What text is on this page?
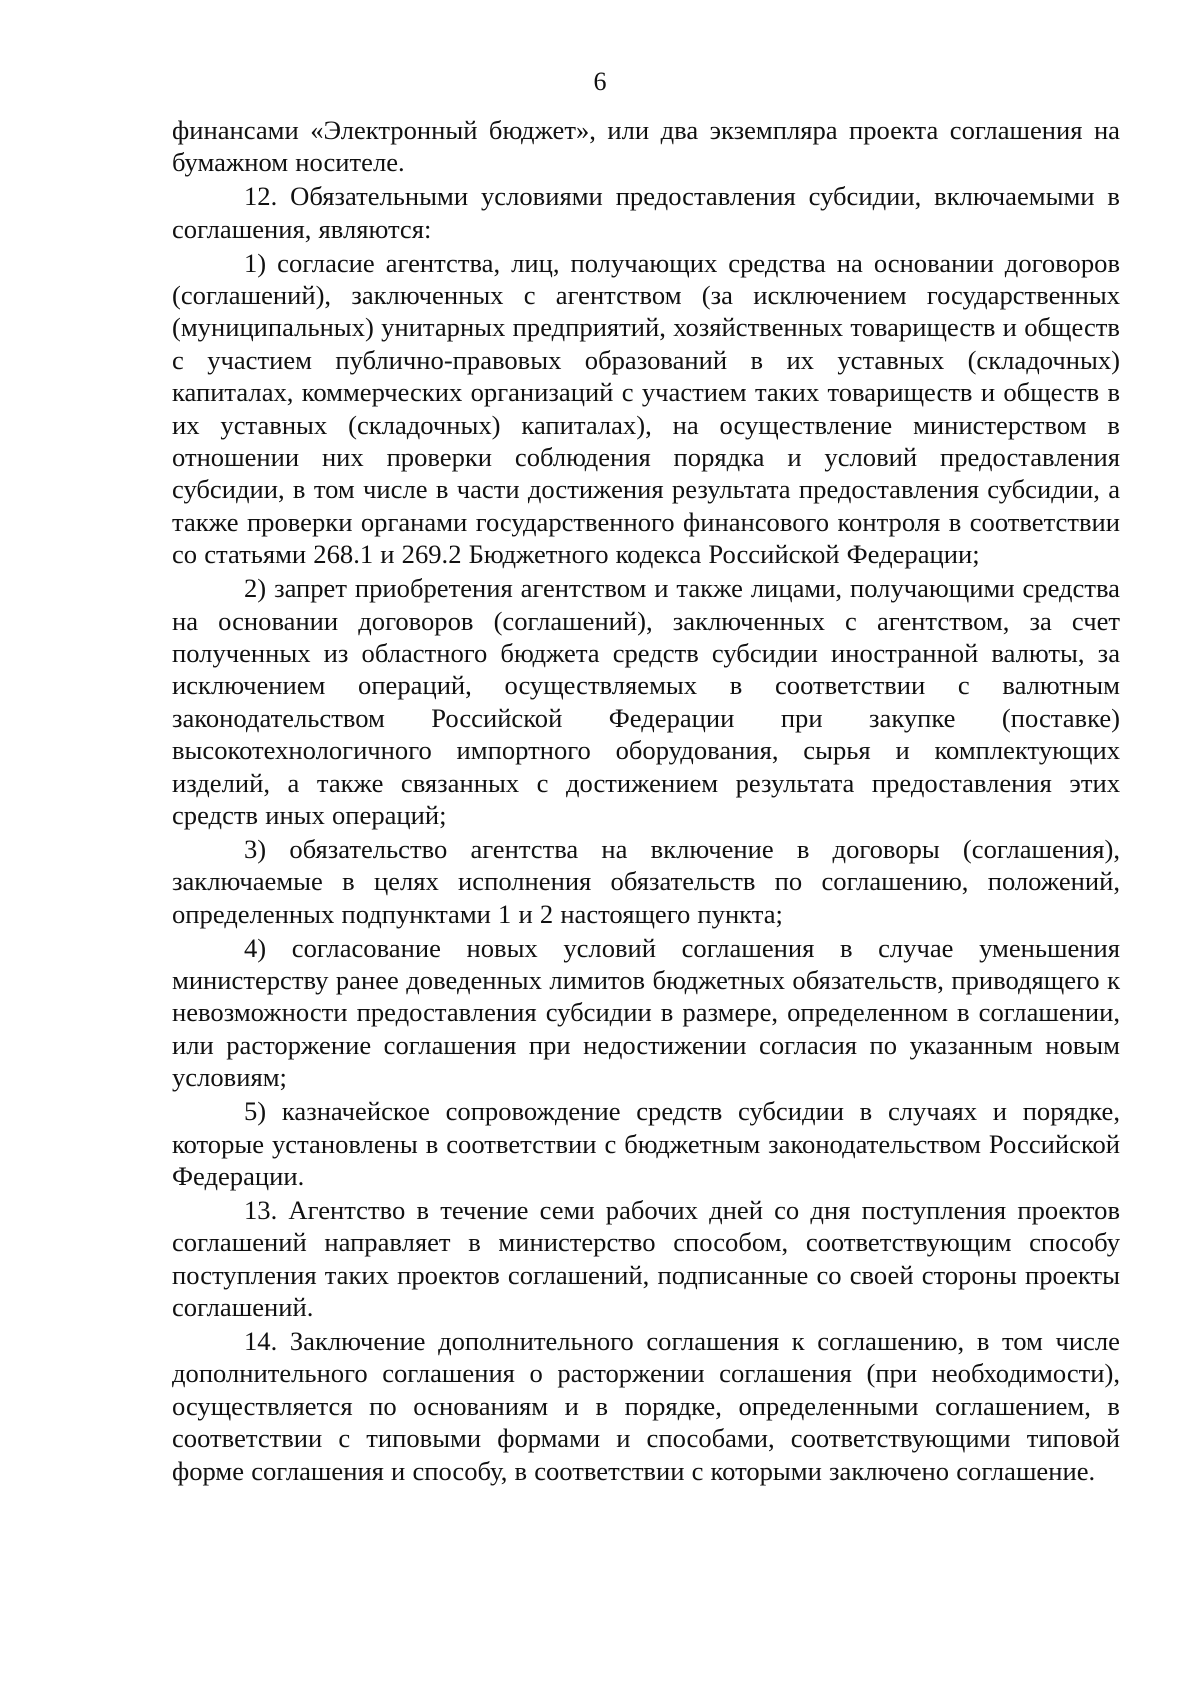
6

финансами «Электронный бюджет», или два экземпляра проекта соглашения на бумажном носителе.

12. Обязательными условиями предоставления субсидии, включаемыми в соглашения, являются:

1) согласие агентства, лиц, получающих средства на основании договоров (соглашений), заключенных с агентством (за исключением государственных (муниципальных) унитарных предприятий, хозяйственных товариществ и обществ с участием публично-правовых образований в их уставных (складочных) капиталах, коммерческих организаций с участием таких товариществ и обществ в их уставных (складочных) капиталах), на осуществление министерством в отношении них проверки соблюдения порядка и условий предоставления субсидии, в том числе в части достижения результата предоставления субсидии, а также проверки органами государственного финансового контроля в соответствии со статьями 268.1 и 269.2 Бюджетного кодекса Российской Федерации;

2) запрет приобретения агентством и также лицами, получающими средства на основании договоров (соглашений), заключенных с агентством, за счет полученных из областного бюджета средств субсидии иностранной валюты, за исключением операций, осуществляемых в соответствии с валютным законодательством Российской Федерации при закупке (поставке) высокотехнологичного импортного оборудования, сырья и комплектующих изделий, а также связанных с достижением результата предоставления этих средств иных операций;

3) обязательство агентства на включение в договоры (соглашения), заключаемые в целях исполнения обязательств по соглашению, положений, определенных подпунктами 1 и 2 настоящего пункта;

4) согласование новых условий соглашения в случае уменьшения министерству ранее доведенных лимитов бюджетных обязательств, приводящего к невозможности предоставления субсидии в размере, определенном в соглашении, или расторжение соглашения при недостижении согласия по указанным новым условиям;

5) казначейское сопровождение средств субсидии в случаях и порядке, которые установлены в соответствии с бюджетным законодательством Российской Федерации.

13. Агентство в течение семи рабочих дней со дня поступления проектов соглашений направляет в министерство способом, соответствующим способу поступления таких проектов соглашений, подписанные со своей стороны проекты соглашений.

14. Заключение дополнительного соглашения к соглашению, в том числе дополнительного соглашения о расторжении соглашения (при необходимости), осуществляется по основаниям и в порядке, определенными соглашением, в соответствии с типовыми формами и способами, соответствующими типовой форме соглашения и способу, в соответствии с которыми заключено соглашение.
